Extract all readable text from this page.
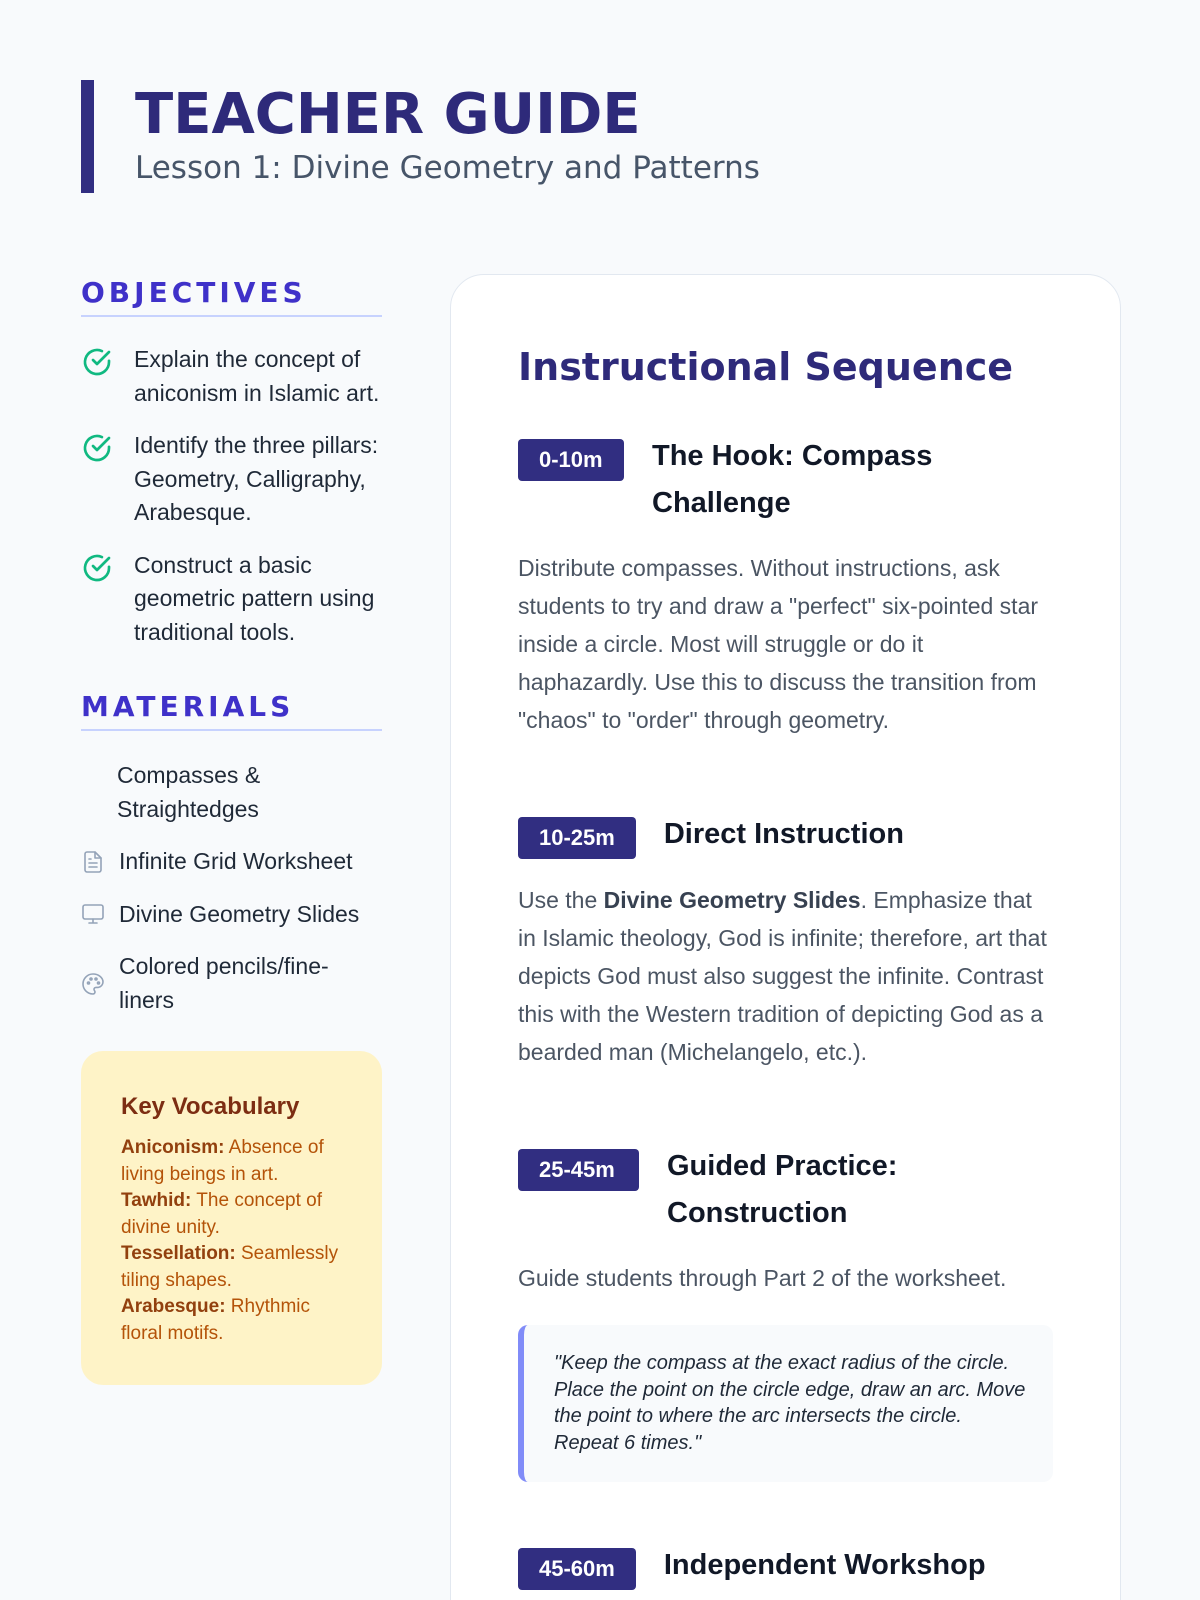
TEACHER GUIDE
Lesson 1: Divine Geometry and Patterns
OBJECTIVES
Explain the concept of aniconism in Islamic art.
Identify the three pillars: Geometry, Calligraphy, Arabesque.
Construct a basic geometric pattern using traditional tools.
MATERIALS
Compasses & Straightedges
Infinite Grid Worksheet
Divine Geometry Slides
Colored pencils/fine-liners
Key Vocabulary
Aniconism: Absence of living beings in art.
Tawhid: The concept of divine unity.
Tessellation: Seamlessly tiling shapes.
Arabesque: Rhythmic floral motifs.
Instructional Sequence
0-10m	The Hook: Compass Challenge

Distribute compasses. Without instructions, ask students to try and draw a "perfect" six-pointed star inside a circle. Most will struggle or do it haphazardly. Use this to discuss the transition from "chaos" to "order" through geometry.

10-25m	Direct Instruction

Use the Divine Geometry Slides. Emphasize that in Islamic theology, God is infinite; therefore, art that depicts God must also suggest the infinite. Contrast this with the Western tradition of depicting God as a bearded man (Michelangelo, etc.).

25-45m	Guided Practice: Construction

Guide students through Part 2 of the worksheet.

"Keep the compass at the exact radius of the circle. Place the point on the circle edge, draw an arc. Move the point to where the arc intersects the circle. Repeat 6 times."
45-60m	Independent Workshop
